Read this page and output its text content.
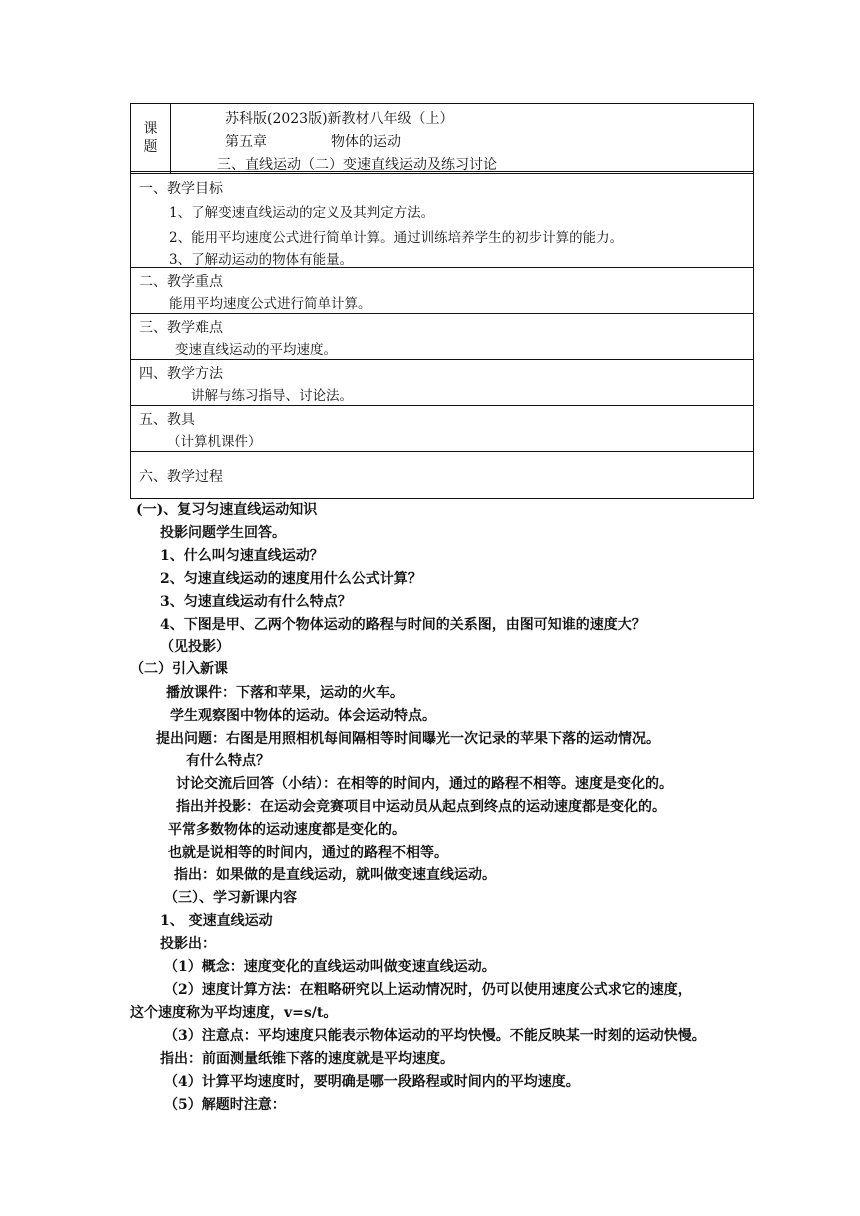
课
题
苏科版(2023版)新教材八年级（上）
第五章	物体的运动
三、直线运动（二）变速直线运动及练习讨论
一、教学目标
1、了解变速直线运动的定义及其判定方法。
2、能用平均速度公式进行简单计算。通过训练培养学生的初步计算的能力。
3、了解动运动的物体有能量。
二、教学重点
能用平均速度公式进行简单计算。
三、教学难点
变速直线运动的平均速度。
四、教学方法
讲解与练习指导、讨论法。
五、教具
（计算机课件）
六、教学过程
(一)、复习匀速直线运动知识
投影问题学生回答。
1、什么叫匀速直线运动？
2、匀速直线运动的速度用什么公式计算？
3、匀速直线运动有什么特点？
4、下图是甲、乙两个物体运动的路程与时间的关系图，由图可知谁的速度大？
（见投影）
（二）引入新课
播放课件：下落和苹果，运动的火车。
学生观察图中物体的运动。体会运动特点。
提出问题：右图是用照相机每间隔相等时间曝光一次记录的苹果下落的运动情况。
有什么特点？
讨论交流后回答（小结）：在相等的时间内，通过的路程不相等。速度是变化的。
指出并投影：在运动会竞赛项目中运动员从起点到终点的运动速度都是变化的。
平常多数物体的运动速度都是变化的。
也就是说相等的时间内，通过的路程不相等。
指出：如果做的是直线运动，就叫做变速直线运动。
（三）、学习新课内容
1、 变速直线运动
投影出：
（1）概念：速度变化的直线运动叫做变速直线运动。
（2）速度计算方法：在粗略研究以上运动情况时，仍可以使用速度公式求它的速度，
这个速度称为平均速度，v=s/t。
（3）注意点：平均速度只能表示物体运动的平均快慢。不能反映某一时刻的运动快慢。
指出：前面测量纸锥下落的速度就是平均速度。
（4）计算平均速度时，要明确是哪一段路程或时间内的平均速度。
（5）解题时注意：
